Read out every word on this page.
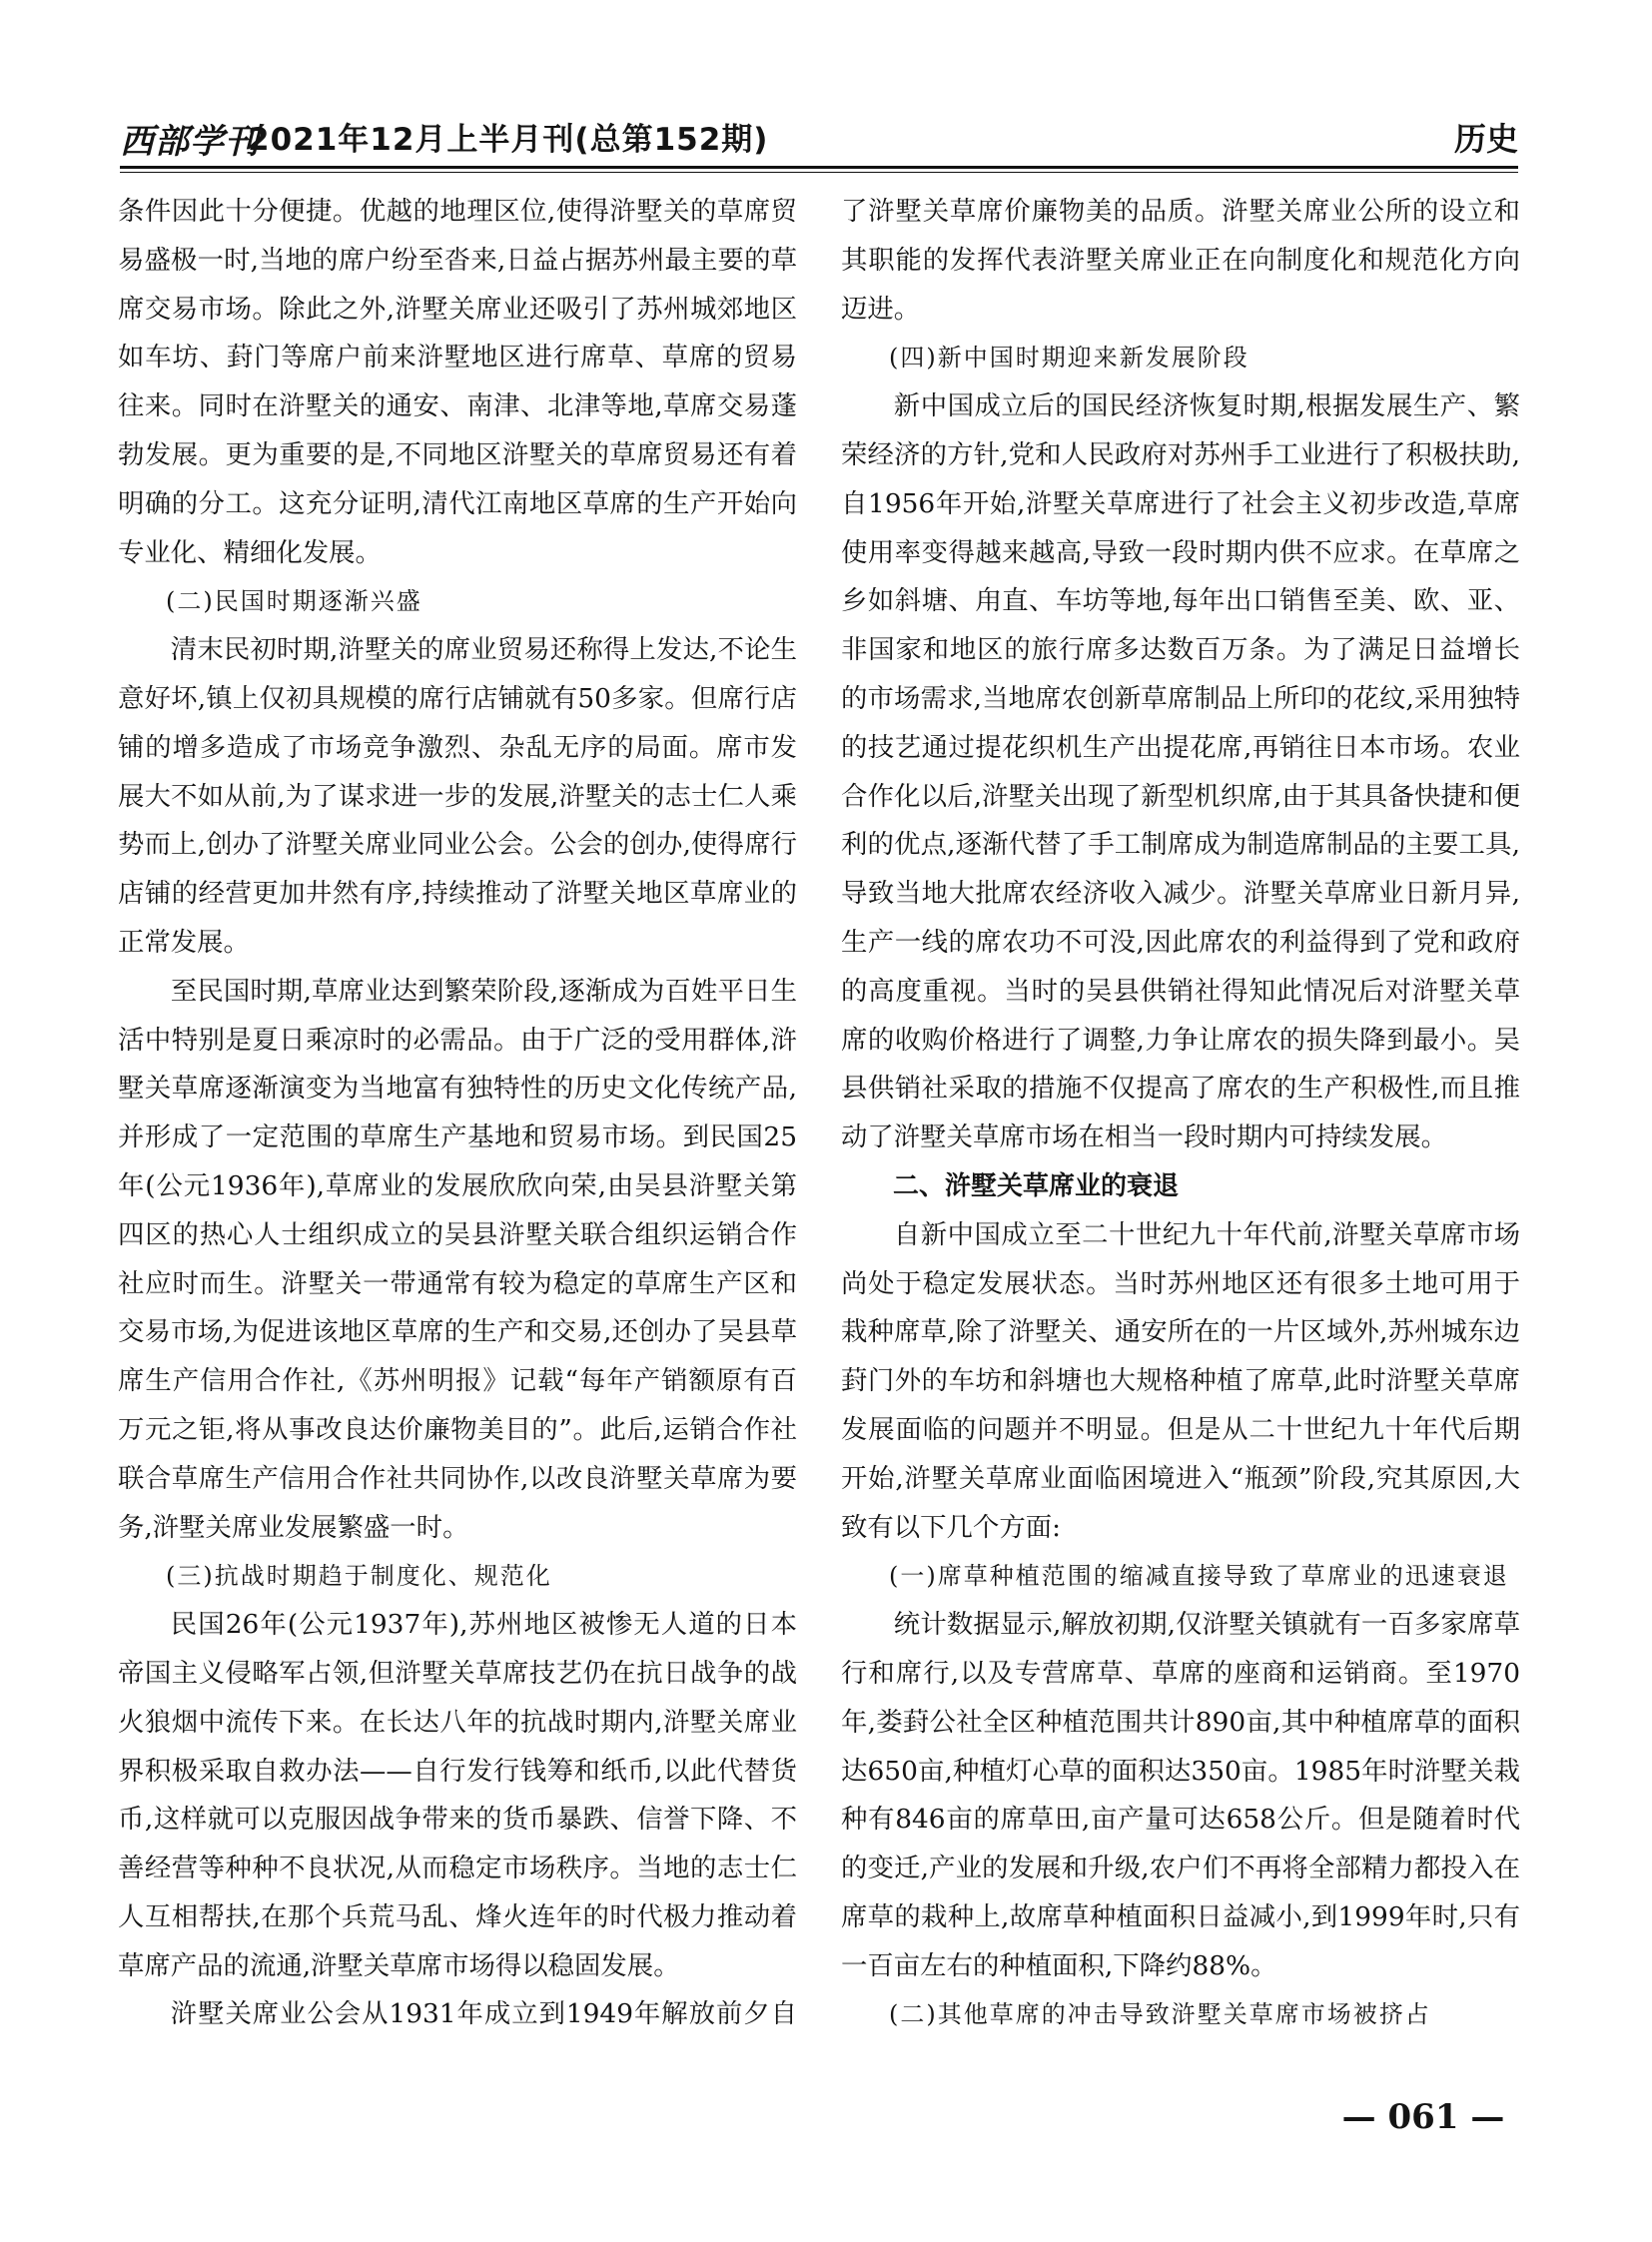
西部学刊
2021年12月上半月刊(总第152期)	历史

条件因此十分便捷。优越的地理区位,使得浒墅关的草席贸易盛极一时,当地的席户纷至沓来,日益占据苏州最主要的草席交易市场。除此之外,浒墅关席业还吸引了苏州城郊地区如车坊、葑门等席户前来浒墅地区进行席草、草席的贸易往来。同时在浒墅关的通安、南津、北津等地,草席交易蓬勃发展。更为重要的是,不同地区浒墅关的草席贸易还有着明确的分工。这充分证明,清代江南地区草席的生产开始向专业化、精细化发展。

(二)民国时期逐渐兴盛

清末民初时期,浒墅关的席业贸易还称得上发达,不论生意好坏,镇上仅初具规模的席行店铺就有50多家。但席行店铺的增多造成了市场竞争激烈、杂乱无序的局面。席市发展大不如从前,为了谋求进一步的发展,浒墅关的志士仁人乘势而上,创办了浒墅关席业同业公会。公会的创办,使得席行店铺的经营更加井然有序,持续推动了浒墅关地区草席业的正常发展。

至民国时期,草席业达到繁荣阶段,逐渐成为百姓平日生活中特别是夏日乘凉时的必需品。由于广泛的受用群体,浒墅关草席逐渐演变为当地富有独特性的历史文化传统产品,并形成了一定范围的草席生产基地和贸易市场。到民国25年(公元1936年),草席业的发展欣欣向荣,由吴县浒墅关第四区的热心人士组织成立的吴县浒墅关联合组织运销合作社应时而生。浒墅关一带通常有较为稳定的草席生产区和交易市场,为促进该地区草席的生产和交易,还创办了吴县草席生产信用合作社,《苏州明报》记载“每年产销额原有百万元之钜,将从事改良达价廉物美目的”。此后,运销合作社联合草席生产信用合作社共同协作,以改良浒墅关草席为要务,浒墅关席业发展繁盛一时。

(三)抗战时期趋于制度化、规范化

民国26年(公元1937年),苏州地区被惨无人道的日本帝国主义侵略军占领,但浒墅关草席技艺仍在抗日战争的战火狼烟中流传下来。在长达八年的抗战时期内,浒墅关席业界积极采取自救办法——自行发行钱筹和纸币,以此代替货币,这样就可以克服因战争带来的货币暴跌、信誉下降、不善经营等种种不良状况,从而稳定市场秩序。当地的志士仁人互相帮扶,在那个兵荒马乱、烽火连年的时代极力推动着草席产品的流通,浒墅关草席市场得以稳固发展。

浒墅关席业公会从1931年成立到1949年解放前夕自

了浒墅关草席价廉物美的品质。浒墅关席业公所的设立和其职能的发挥代表浒墅关席业正在向制度化和规范化方向迈进。

(四)新中国时期迎来新发展阶段

新中国成立后的国民经济恢复时期,根据发展生产、繁荣经济的方针,党和人民政府对苏州手工业进行了积极扶助,自1956年开始,浒墅关草席进行了社会主义初步改造,草席使用率变得越来越高,导致一段时期内供不应求。在草席之乡如斜塘、甪直、车坊等地,每年出口销售至美、欧、亚、非国家和地区的旅行席多达数百万条。为了满足日益增长的市场需求,当地席农创新草席制品上所印的花纹,采用独特的技艺通过提花织机生产出提花席,再销往日本市场。农业合作化以后,浒墅关出现了新型机织席,由于其具备快捷和便利的优点,逐渐代替了手工制席成为制造席制品的主要工具,导致当地大批席农经济收入减少。浒墅关草席业日新月异,生产一线的席农功不可没,因此席农的利益得到了党和政府的高度重视。当时的吴县供销社得知此情况后对浒墅关草席的收购价格进行了调整,力争让席农的损失降到最小。吴县供销社采取的措施不仅提高了席农的生产积极性,而且推动了浒墅关草席市场在相当一段时期内可持续发展。

二、浒墅关草席业的衰退

自新中国成立至二十世纪九十年代前,浒墅关草席市场尚处于稳定发展状态。当时苏州地区还有很多土地可用于栽种席草,除了浒墅关、通安所在的一片区域外,苏州城东边葑门外的车坊和斜塘也大规格种植了席草,此时浒墅关草席发展面临的问题并不明显。但是从二十世纪九十年代后期开始,浒墅关草席业面临困境进入“瓶颈”阶段,究其原因,大致有以下几个方面:

(一)席草种植范围的缩减直接导致了草席业的迅速衰退

统计数据显示,解放初期,仅浒墅关镇就有一百多家席草行和席行,以及专营席草、草席的座商和运销商。至1970年,娄葑公社全区种植范围共计890亩,其中种植席草的面积达650亩,种植灯心草的面积达350亩。1985年时浒墅关栽种有846亩的席草田,亩产量可达658公斤。但是随着时代的变迁,产业的发展和升级,农户们不再将全部精力都投入在席草的栽种上,故席草种植面积日益减小,到1999年时,只有一百亩左右的种植面积,下降约88%。

(二)其他草席的冲击导致浒墅关草席市场被挤占

— 061 —
